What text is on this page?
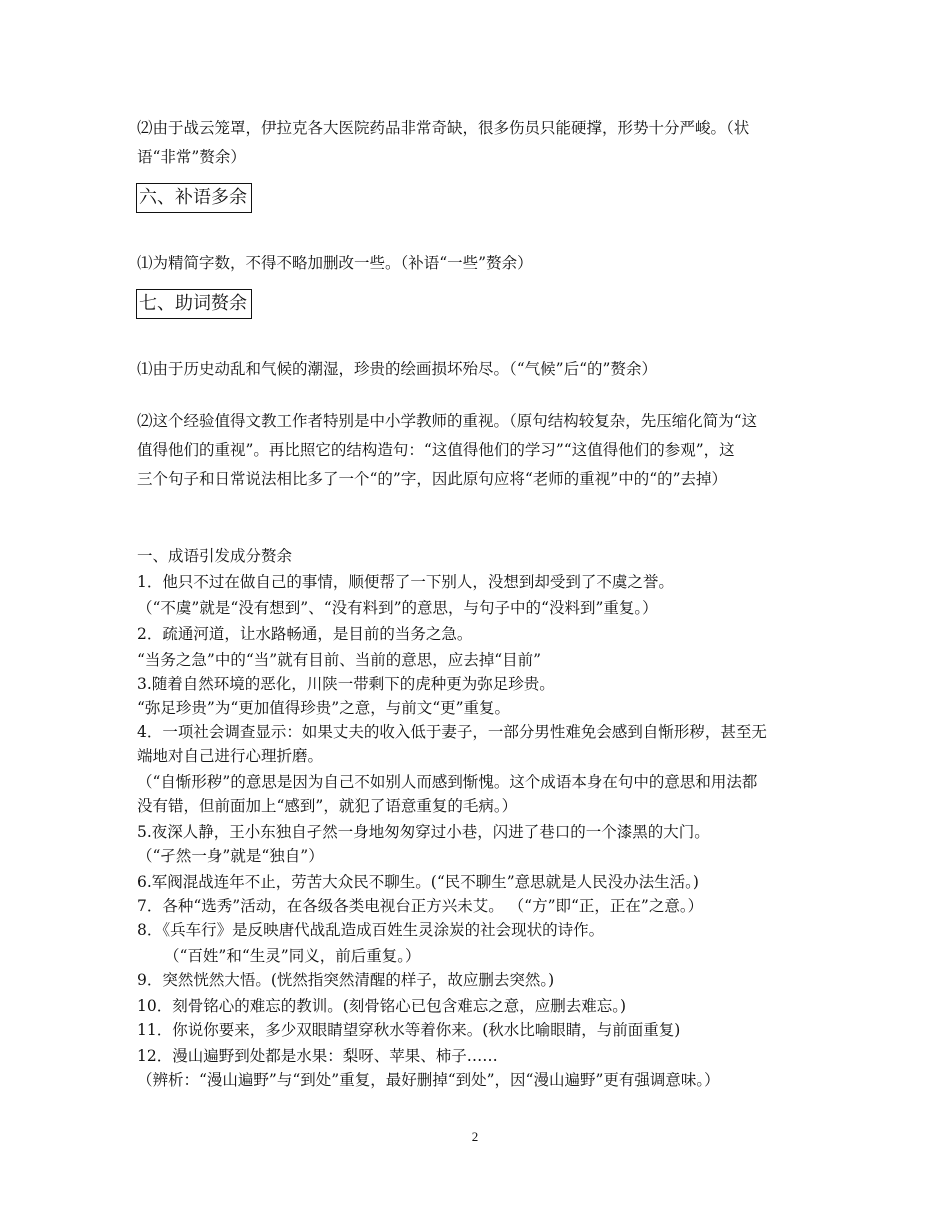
⑵由于战云笼罩，伊拉克各大医院药品非常奇缺，很多伤员只能硬撑，形势十分严峻。（状
语“非常”赘余）
六、补语多余
⑴为精简字数，不得不略加删改一些。（补语“一些”赘余）
七、助词赘余
⑴由于历史动乱和气候的潮湿，珍贵的绘画损坏殆尽。（“气候”后“的”赘余）
⑵这个经验值得文教工作者特别是中小学教师的重视。（原句结构较复杂，先压缩化简为“这
值得他们的重视”。再比照它的结构造句：“这值得他们的学习”“这值得他们的参观”，这
三个句子和日常说法相比多了一个“的”字，因此原句应将“老师的重视”中的“的”去掉）
一、成语引发成分赘余
1．他只不过在做自己的事情，顺便帮了一下别人，没想到却受到了不虞之誉。
（“不虞”就是“没有想到”、“没有料到”的意思，与句子中的“没料到”重复。）
2．疏通河道，让水路畅通，是目前的当务之急。
“当务之急”中的“当”就有目前、当前的意思，应去掉“目前”
3.随着自然环境的恶化，川陕一带剩下的虎种更为弥足珍贵。
“弥足珍贵”为“更加值得珍贵”之意，与前文“更”重复。
4．一项社会调查显示：如果丈夫的收入低于妻子，一部分男性难免会感到自惭形秽，甚至无
端地对自己进行心理折磨。
（“自惭形秽”的意思是因为自己不如别人而感到惭愧。这个成语本身在句中的意思和用法都
没有错，但前面加上“感到”，就犯了语意重复的毛病。）
5.夜深人静，王小东独自孑然一身地匆匆穿过小巷，闪进了巷口的一个漆黑的大门。
（“孑然一身”就是“独自”）
6.军阀混战连年不止，劳苦大众民不聊生。(“民不聊生”意思就是人民没办法生活。)
7．各种“选秀”活动，在各级各类电视台正方兴未艾。 （“方”即“正，正在”之意。）
8．《兵车行》是反映唐代战乱造成百姓生灵涂炭的社会现状的诗作。
（“百姓”和“生灵”同义，前后重复。）
9．突然恍然大悟。(恍然指突然清醒的样子，故应删去突然。)
10．刻骨铭心的难忘的教训。(刻骨铭心已包含难忘之意，应删去难忘。)
11．你说你要来，多少双眼睛望穿秋水等着你来。(秋水比喻眼睛，与前面重复)
12．漫山遍野到处都是水果：梨呀、苹果、柿子……
（辨析：“漫山遍野”与“到处”重复，最好删掉“到处”，因“漫山遍野”更有强调意味。）
2
